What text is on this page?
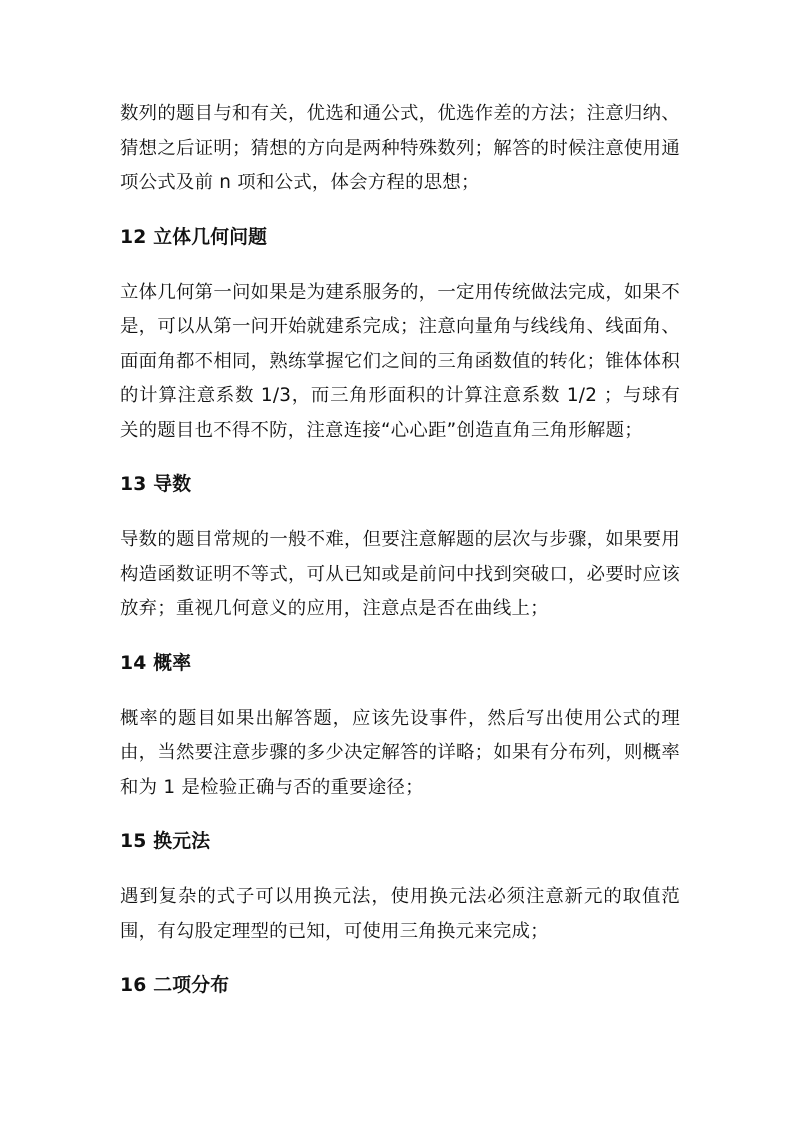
数列的题目与和有关，优选和通公式，优选作差的方法；注意归纳、猜想之后证明；猜想的方向是两种特殊数列；解答的时候注意使用通项公式及前 n 项和公式，体会方程的思想；

12 立体几何问题

立体几何第一问如果是为建系服务的，一定用传统做法完成，如果不是，可以从第一问开始就建系完成；注意向量角与线线角、线面角、面面角都不相同，熟练掌握它们之间的三角函数值的转化；锥体体积的计算注意系数 1/3，而三角形面积的计算注意系数 1/2 ；与球有关的题目也不得不防，注意连接“心心距”创造直角三角形解题；

13 导数

导数的题目常规的一般不难，但要注意解题的层次与步骤，如果要用构造函数证明不等式，可从已知或是前问中找到突破口，必要时应该放弃；重视几何意义的应用，注意点是否在曲线上；

14 概率

概率的题目如果出解答题，应该先设事件，然后写出使用公式的理由，当然要注意步骤的多少决定解答的详略；如果有分布列，则概率和为 1 是检验正确与否的重要途径；

15 换元法

遇到复杂的式子可以用换元法，使用换元法必须注意新元的取值范围，有勾股定理型的已知，可使用三角换元来完成；

16 二项分布
